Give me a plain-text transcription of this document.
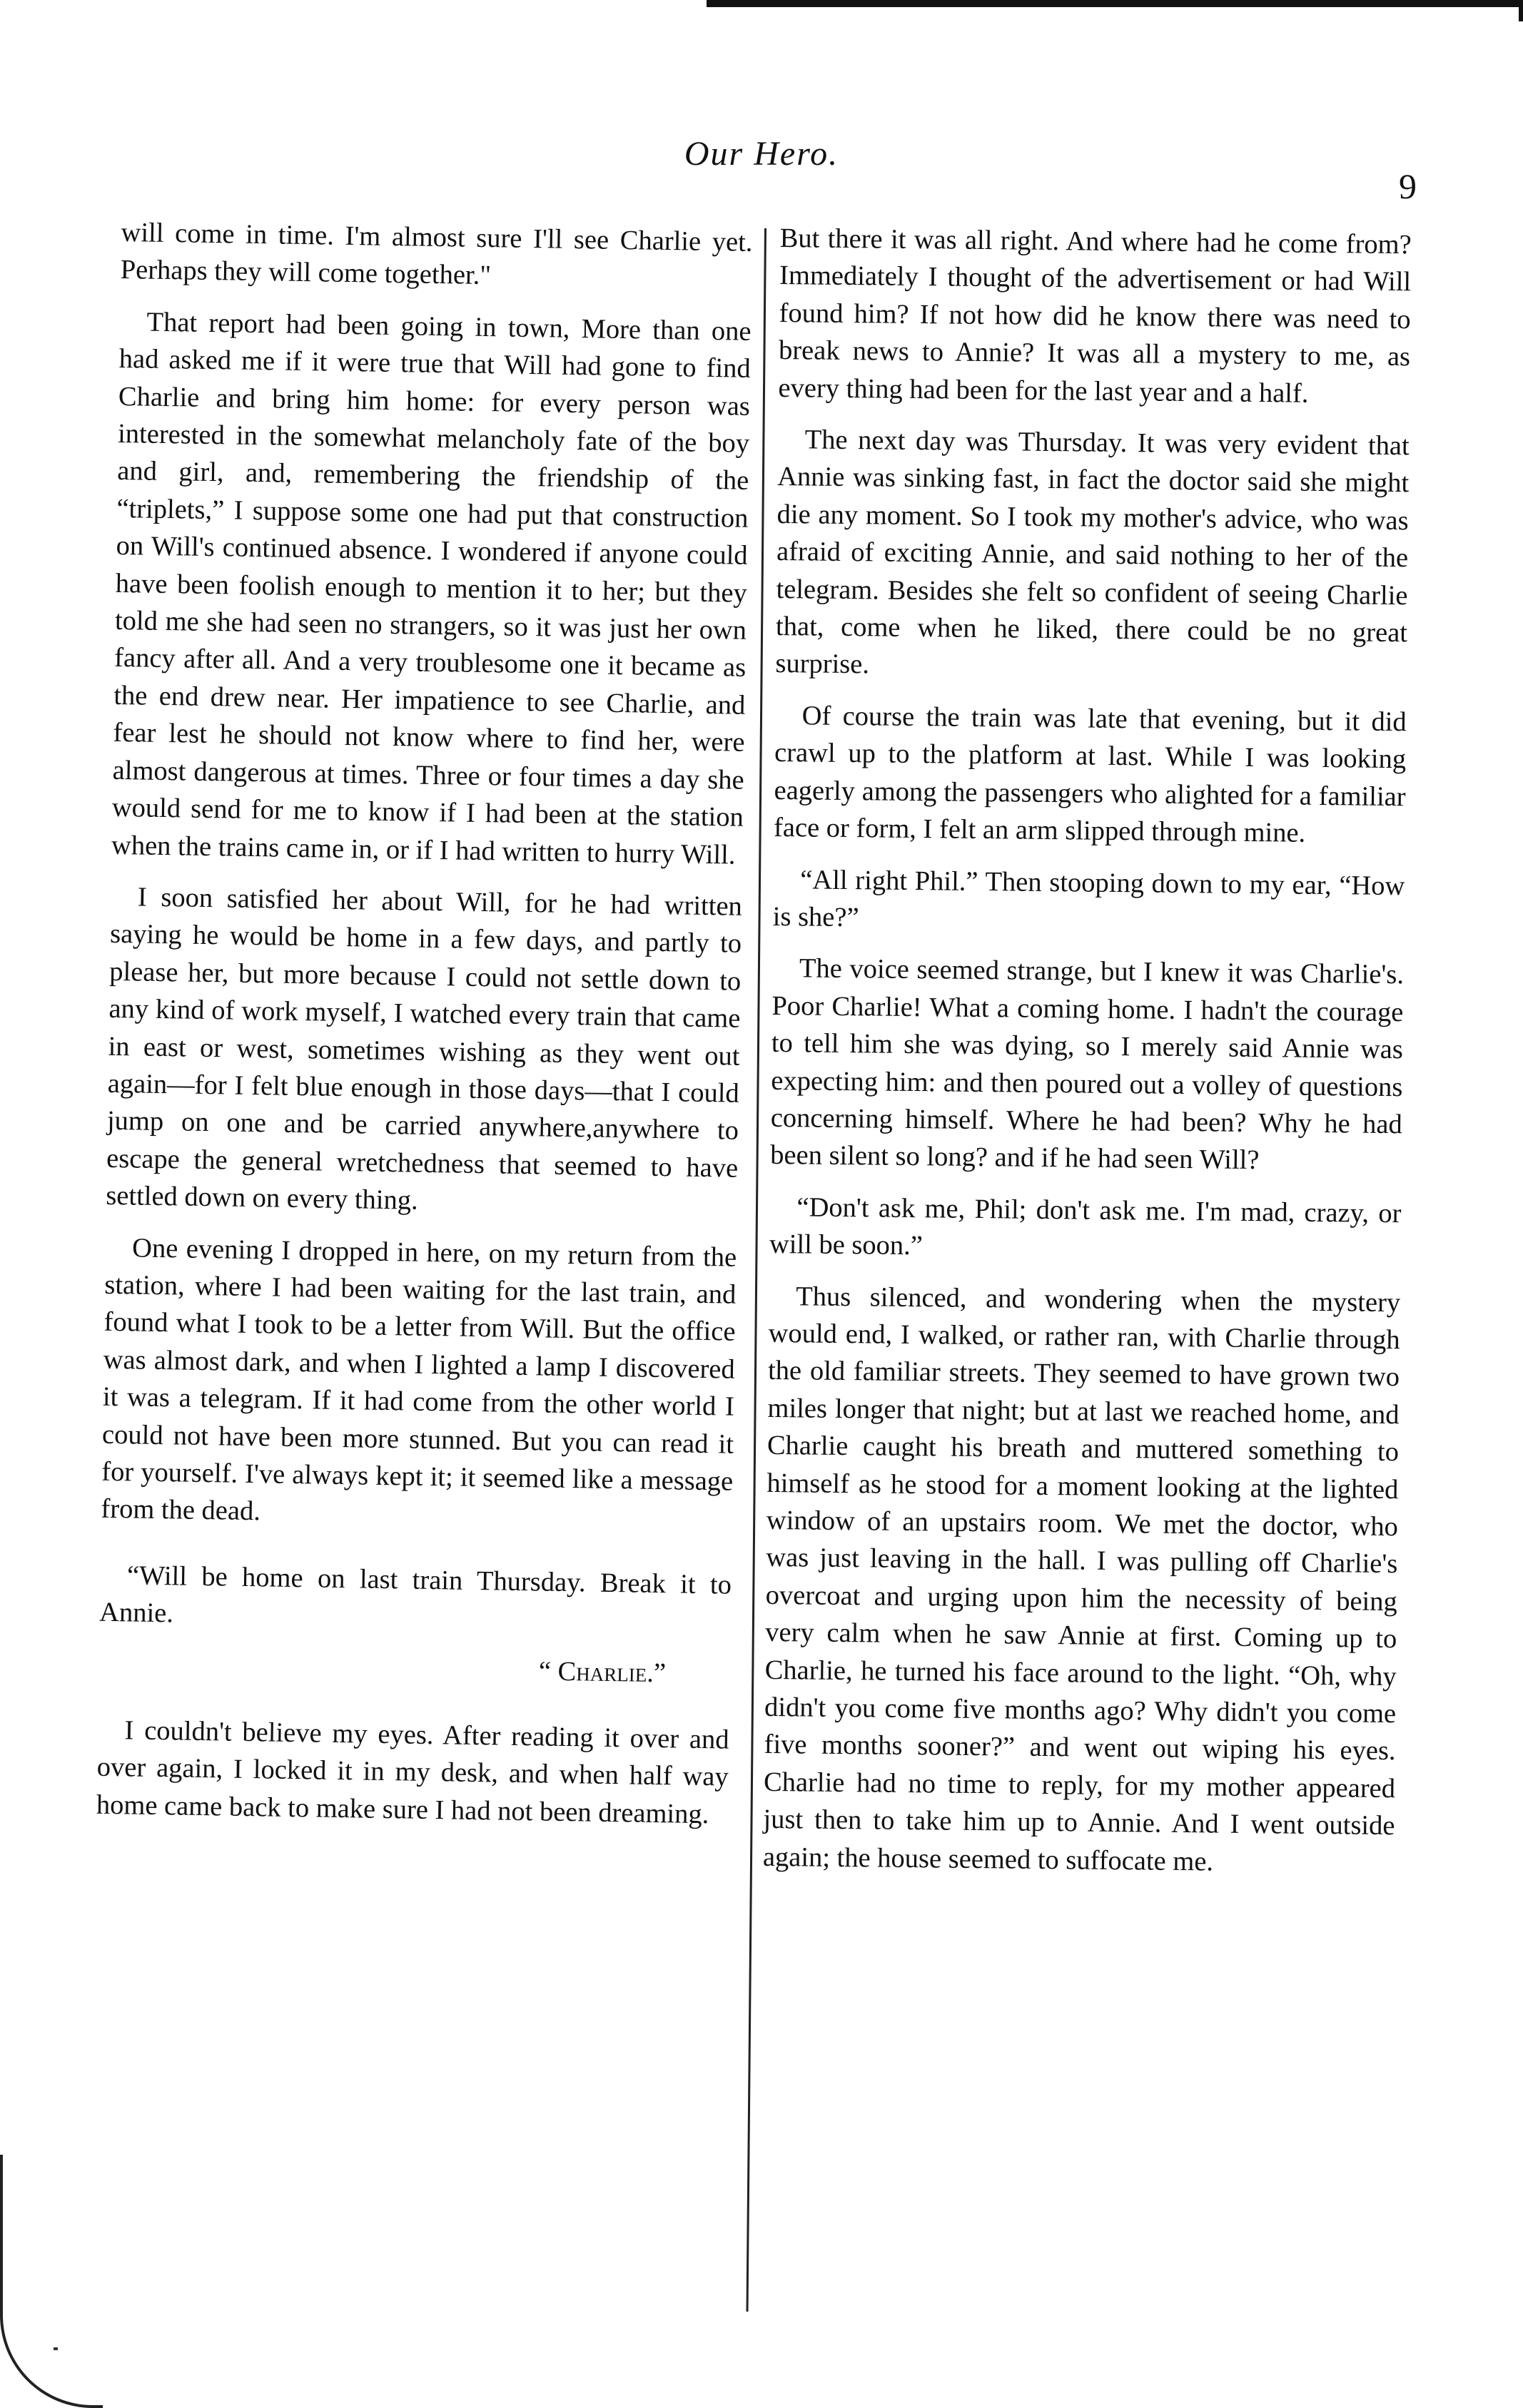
Our Hero.
9

will come in time. I'm almost sure I'll see Charlie yet. Perhaps they will come together."

That report had been going in town, More than one had asked me if it were true that Will had gone to find Charlie and bring him home: for every person was interested in the somewhat melancholy fate of the boy and girl, and, remembering the friendship of the “triplets,” I suppose some one had put that construction on Will's continued absence. I wondered if anyone could have been foolish enough to mention it to her; but they told me she had seen no strangers, so it was just her own fancy after all. And a very troublesome one it became as the end drew near. Her impatience to see Charlie, and fear lest he should not know where to find her, were almost dangerous at times. Three or four times a day she would send for me to know if I had been at the station when the trains came in, or if I had written to hurry Will.

I soon satisfied her about Will, for he had written saying he would be home in a few days, and partly to please her, but more because I could not settle down to any kind of work myself, I watched every train that came in east or west, sometimes wishing as they went out again—for I felt blue enough in those days—that I could jump on one and be carried anywhere,anywhere to escape the general wretchedness that seemed to have settled down on every thing.

One evening I dropped in here, on my return from the station, where I had been waiting for the last train, and found what I took to be a letter from Will. But the office was almost dark, and when I lighted a lamp I discovered it was a telegram. If it had come from the other world I could not have been more stunned. But you can read it for yourself. I've always kept it; it seemed like a message from the dead.

“Will be home on last train Thursday. Break it to Annie.

“ Charlie.”

I couldn't believe my eyes. After reading it over and over again, I locked it in my desk, and when half way home came back to make sure I had not been dreaming.

But there it was all right. And where had he come from? Immediately I thought of the advertisement or had Will found him? If not how did he know there was need to break news to Annie? It was all a mystery to me, as every thing had been for the last year and a half.

The next day was Thursday. It was very evident that Annie was sinking fast, in fact the doctor said she might die any moment. So I took my mother's advice, who was afraid of exciting Annie, and said nothing to her of the telegram. Besides she felt so confident of seeing Charlie that, come when he liked, there could be no great surprise.

Of course the train was late that evening, but it did crawl up to the platform at last. While I was looking eagerly among the passengers who alighted for a familiar face or form, I felt an arm slipped through mine.

“All right Phil.” Then stooping down to my ear, “How is she?”

The voice seemed strange, but I knew it was Charlie's. Poor Charlie! What a coming home. I hadn't the courage to tell him she was dying, so I merely said Annie was expecting him: and then poured out a volley of questions concerning himself. Where he had been? Why he had been silent so long? and if he had seen Will?

“Don't ask me, Phil; don't ask me. I'm mad, crazy, or will be soon.”

Thus silenced, and wondering when the mystery would end, I walked, or rather ran, with Charlie through the old familiar streets. They seemed to have grown two miles longer that night; but at last we reached home, and Charlie caught his breath and muttered something to himself as he stood for a moment looking at the lighted window of an upstairs room. We met the doctor, who was just leaving in the hall. I was pulling off Charlie's overcoat and urging upon him the necessity of being very calm when he saw Annie at first. Coming up to Charlie, he turned his face around to the light. “Oh, why didn't you come five months ago? Why didn't you come five months sooner?” and went out wiping his eyes. Charlie had no time to reply, for my mother appeared just then to take him up to Annie. And I went outside again; the house seemed to suffocate me.
